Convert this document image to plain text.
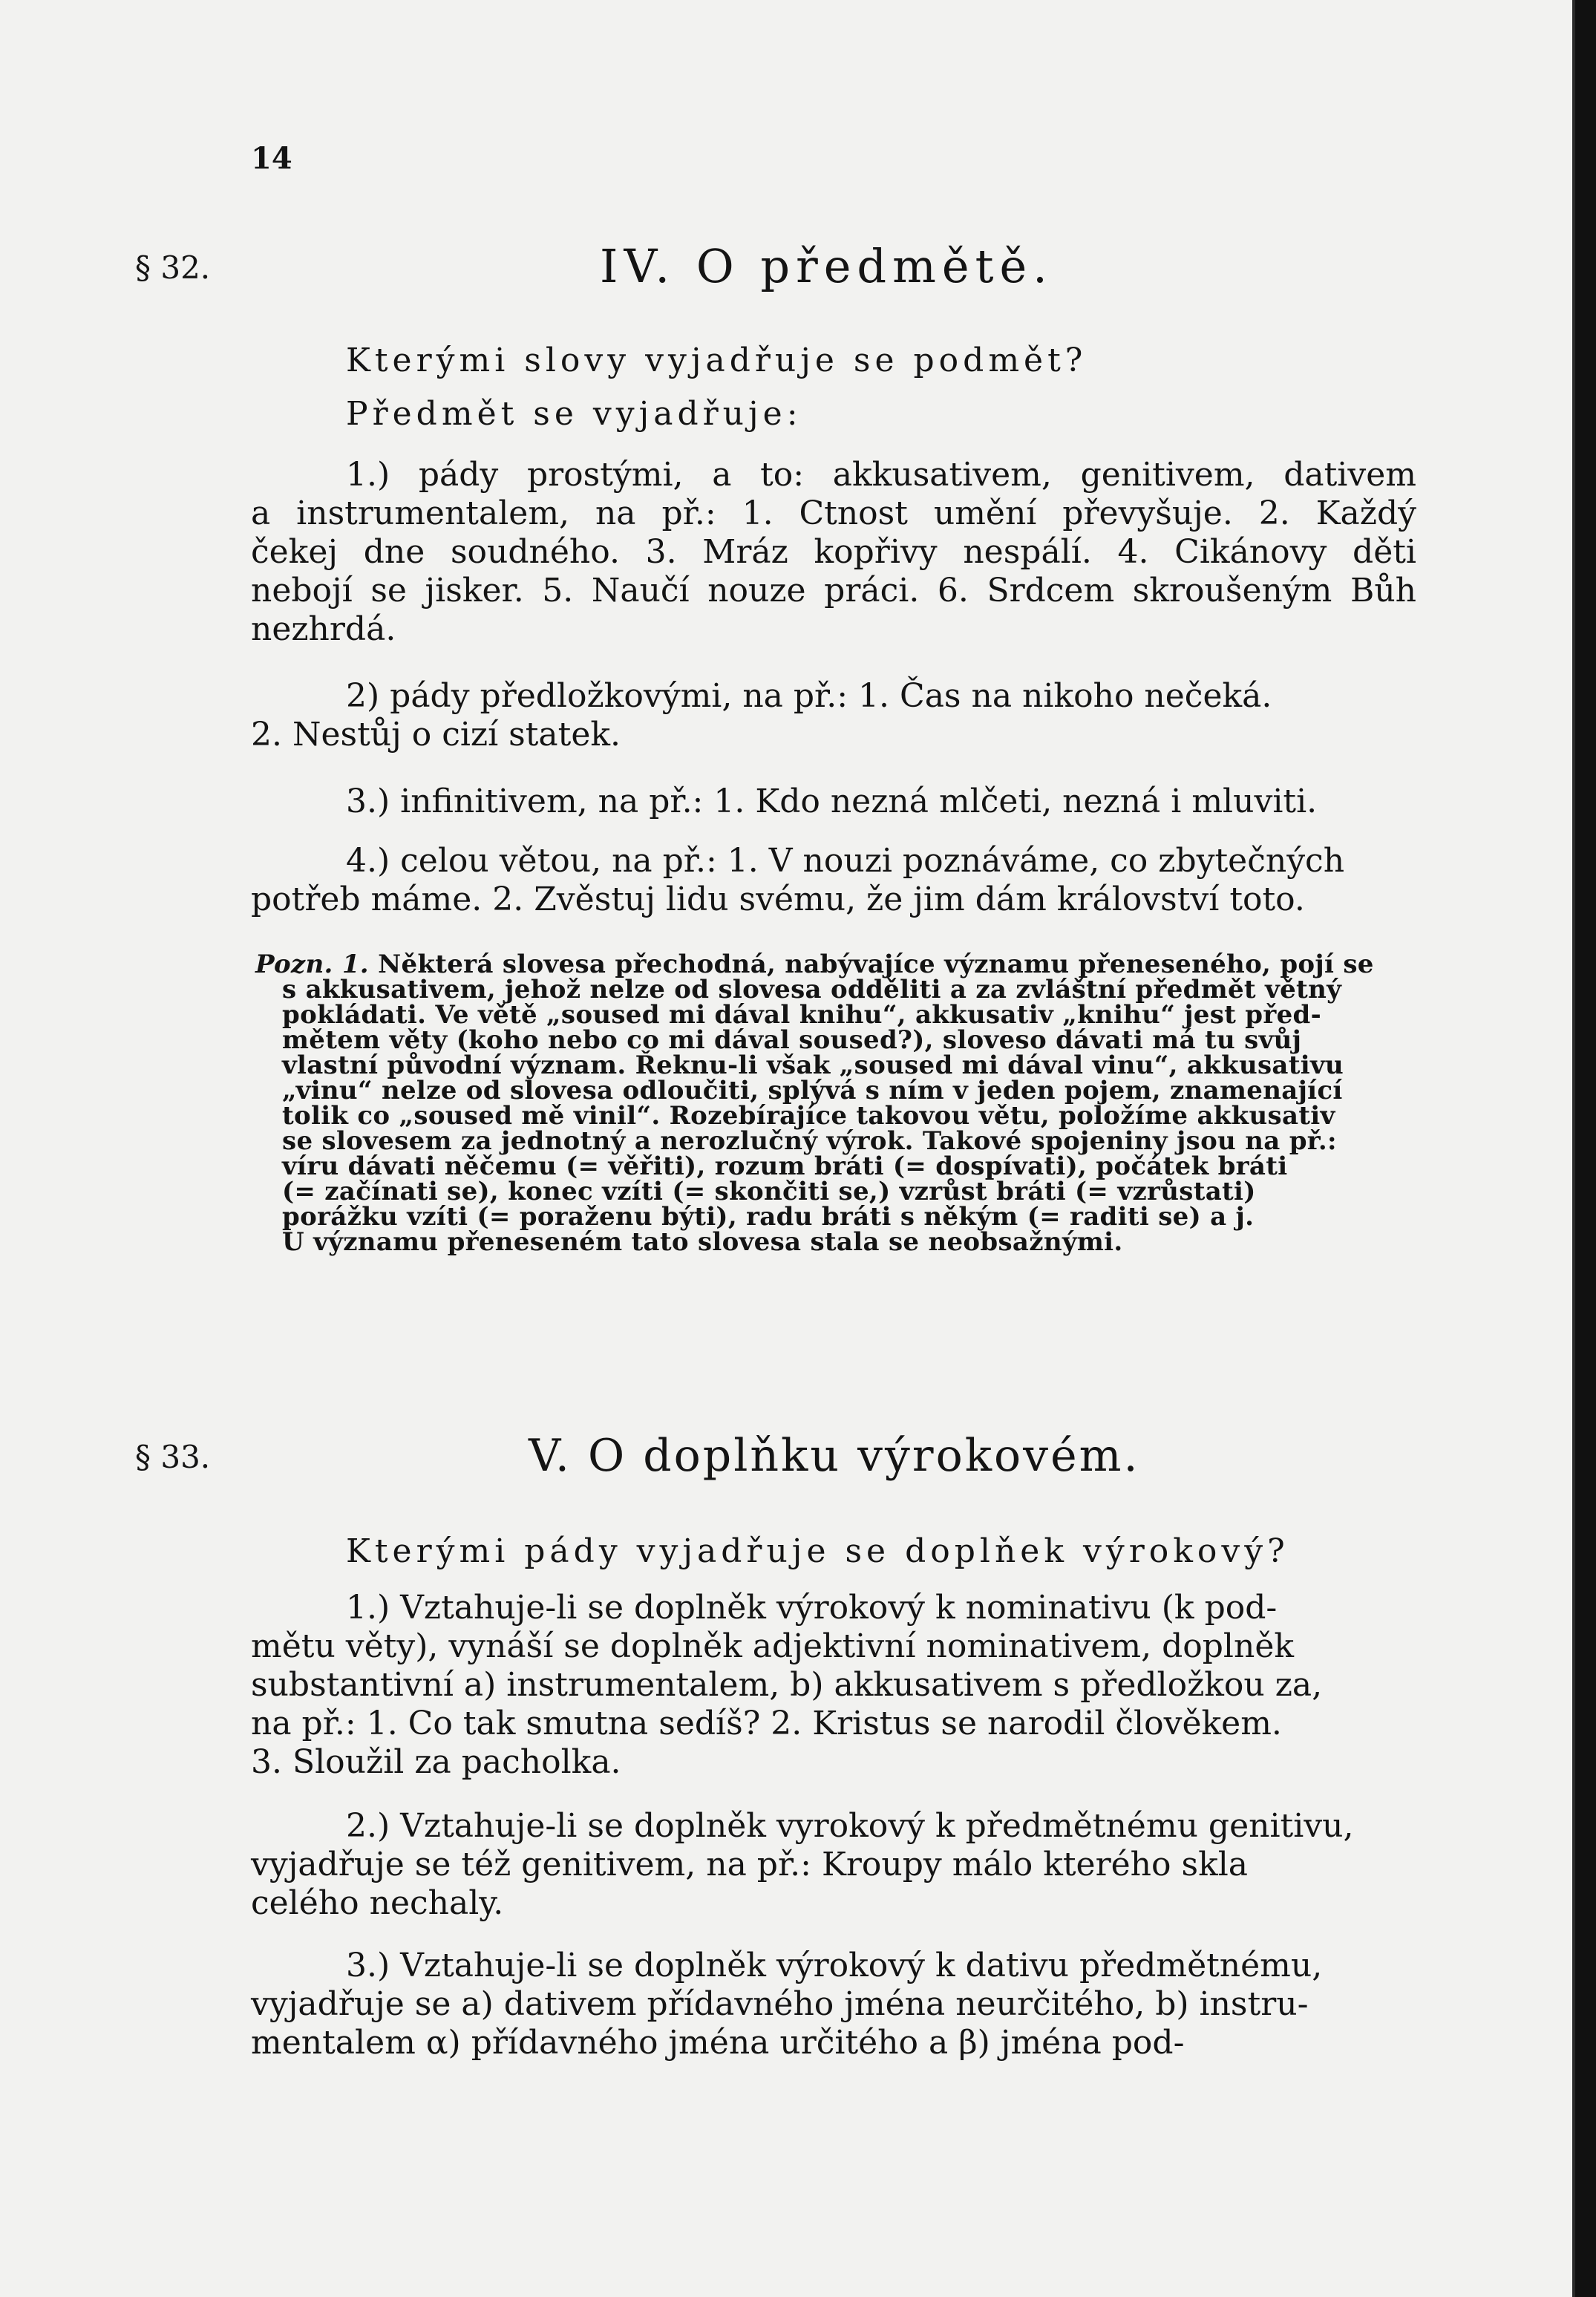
14
§ 32.	IV. O předmětě.
Kterými slovy vyjadřuje se podmět?
Předmět se vyjadřuje:
1.) pády prostými, a to: akkusativem, genitivem, dativem
a instrumentalem, na př.: 1. Ctnost umění převyšuje. 2. Každý
čekej dne soudného. 3. Mráz kopřivy nespálí. 4. Cikánovy děti
nebojí se jisker. 5. Naučí nouze práci. 6. Srdcem skroušeným Bůh
nezhrdá.
2) pády předložkovými, na př.: 1. Čas na nikoho nečeká.
2. Nestůj o cizí statek.
3.) infinitivem, na př.: 1. Kdo nezná mlčeti, nezná i mluviti.
4.) celou větou, na př.: 1. V nouzi poznáváme, co zbytečných
potřeb máme. 2. Zvěstuj lidu svému, že jim dám království toto.
Pozn. 1. Některá slovesa přechodná, nabývajíce významu přeneseného, pojí se
s akkusativem, jehož nelze od slovesa odděliti a za zvláštní předmět větný
pokládati. Ve větě „soused mi dával knihu“, akkusativ „knihu“ jest před-
mětem věty (koho nebo co mi dával soused?), sloveso dávati má tu svůj
vlastní původní význam. Řeknu-li však „soused mi dával vinu“, akkusativu
„vinu“ nelze od slovesa odloučiti, splývá s ním v jeden pojem, znamenající
tolik co „soused mě vinil“. Rozebírajíce takovou větu, položíme akkusativ
se slovesem za jednotný a nerozlučný výrok. Takové spojeniny jsou na př.:
víru dávati něčemu (= věřiti), rozum bráti (= dospívati), počátek bráti
(= začínati se), konec vzíti (= skončiti se,) vzrůst bráti (= vzrůstati)
porážku vzíti (= poraženu býti), radu bráti s někým (= raditi se) a j.
U významu přeneseném tato slovesa stala se neobsažnými.
§ 33.	V. O doplňku výrokovém.
Kterými pády vyjadřuje se doplňek výrokový?
1.) Vztahuje-li se doplněk výrokový k nominativu (k pod-
mětu věty), vynáší se doplněk adjektivní nominativem, doplněk
substantivní a) instrumentalem, b) akkusativem s předložkou za,
na př.: 1. Co tak smutna sedíš? 2. Kristus se narodil člověkem.
3. Sloužil za pacholka.
2.) Vztahuje-li se doplněk vyrokový k předmětnému genitivu,
vyjadřuje se též genitivem, na př.: Kroupy málo kterého skla
celého nechaly.
3.) Vztahuje-li se doplněk výrokový k dativu předmětnému,
vyjadřuje se a) dativem přídavného jména neurčitého, b) instru-
mentalem α) přídavného jména určitého a β) jména pod-
